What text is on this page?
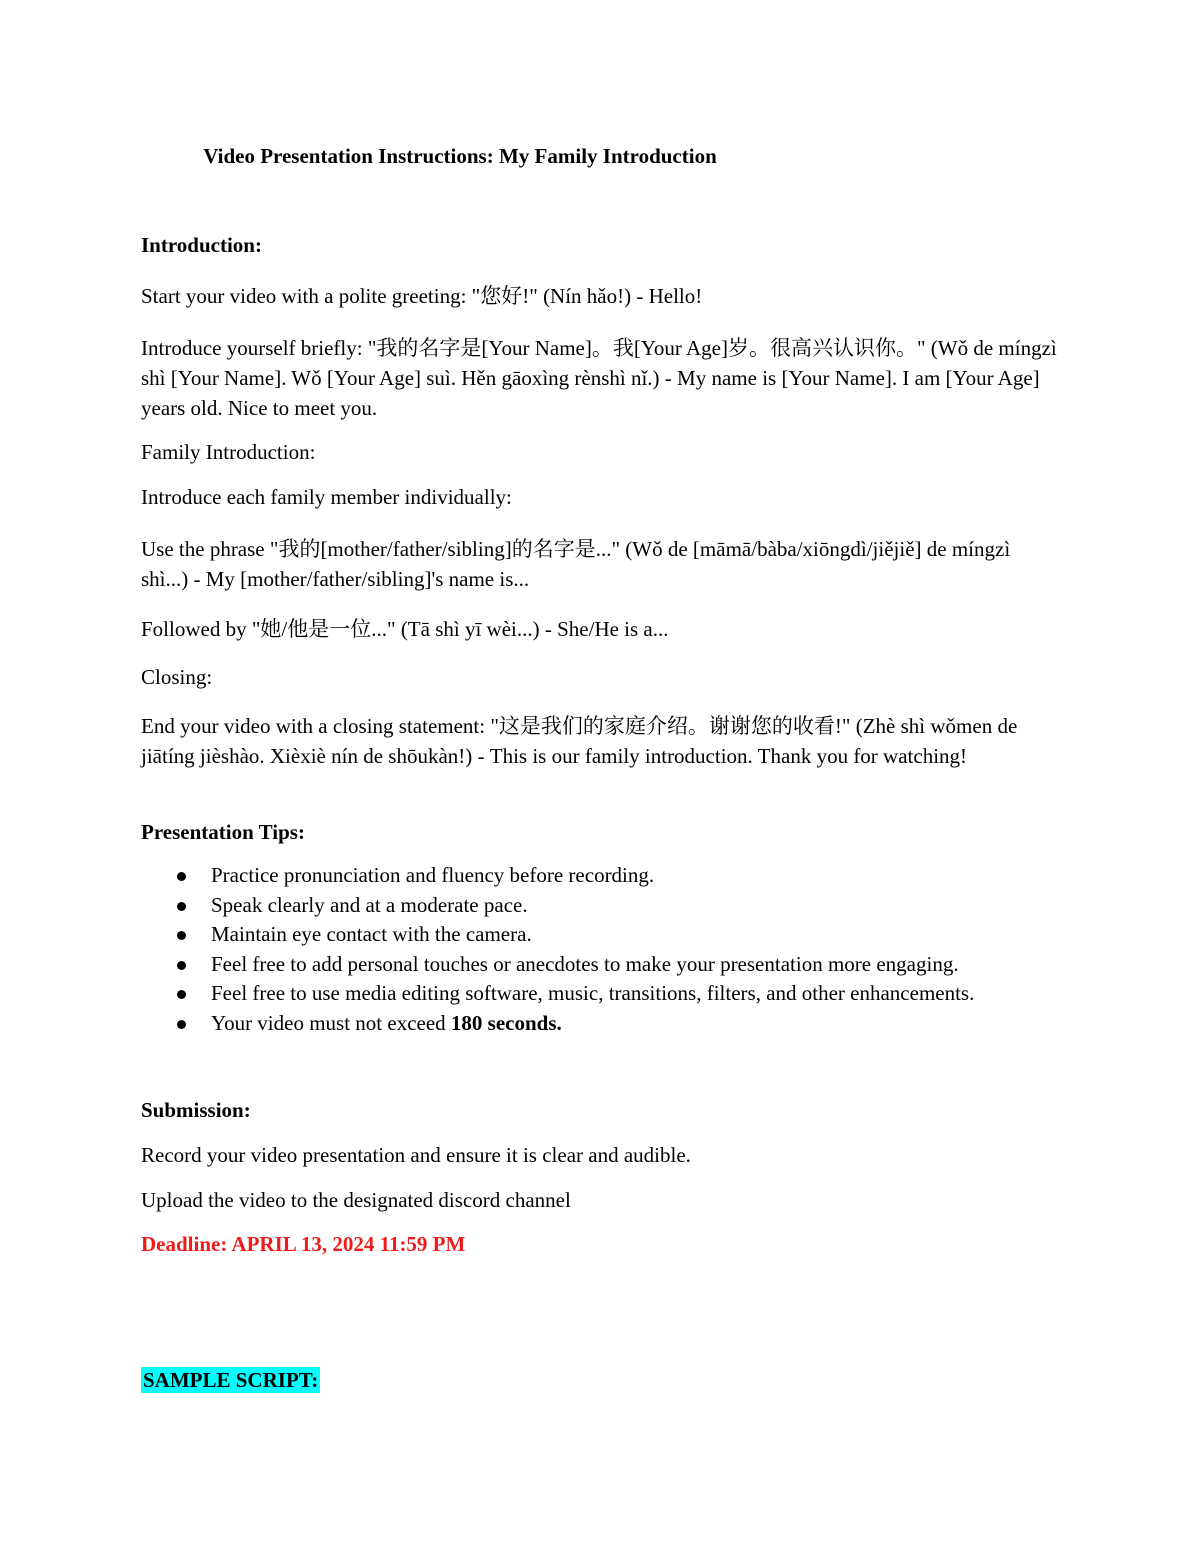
Video Presentation Instructions: My Family Introduction

Introduction:

Start your video with a polite greeting: "您好!" (Nín hǎo!) - Hello!

Introduce yourself briefly: "我的名字是[Your Name]。我[Your Age]岁。很高兴认识你。" (Wǒ de míngzì shì [Your Name]. Wǒ [Your Age] suì. Hěn gāoxìng rènshì nǐ.) - My name is [Your Name]. I am [Your Age] years old. Nice to meet you.

Family Introduction:

Introduce each family member individually:

Use the phrase "我的[mother/father/sibling]的名字是..." (Wǒ de [māmā/bàba/xiōngdì/jiějiě] de míngzì shì...) - My [mother/father/sibling]'s name is...

Followed by "她/他是一位..." (Tā shì yī wèi...) - She/He is a...

Closing:

End your video with a closing statement: "这是我们的家庭介绍。谢谢您的收看!" (Zhè shì wǒmen de jiātíng jièshào. Xièxiè nín de shōukàn!) - This is our family introduction. Thank you for watching!

Presentation Tips:

Practice pronunciation and fluency before recording.
Speak clearly and at a moderate pace.
Maintain eye contact with the camera.
Feel free to add personal touches or anecdotes to make your presentation more engaging.
Feel free to use media editing software, music, transitions, filters, and other enhancements.
Your video must not exceed 180 seconds.

Submission:

Record your video presentation and ensure it is clear and audible.

Upload the video to the designated discord channel

Deadline: APRIL 13, 2024 11:59 PM

SAMPLE SCRIPT:
